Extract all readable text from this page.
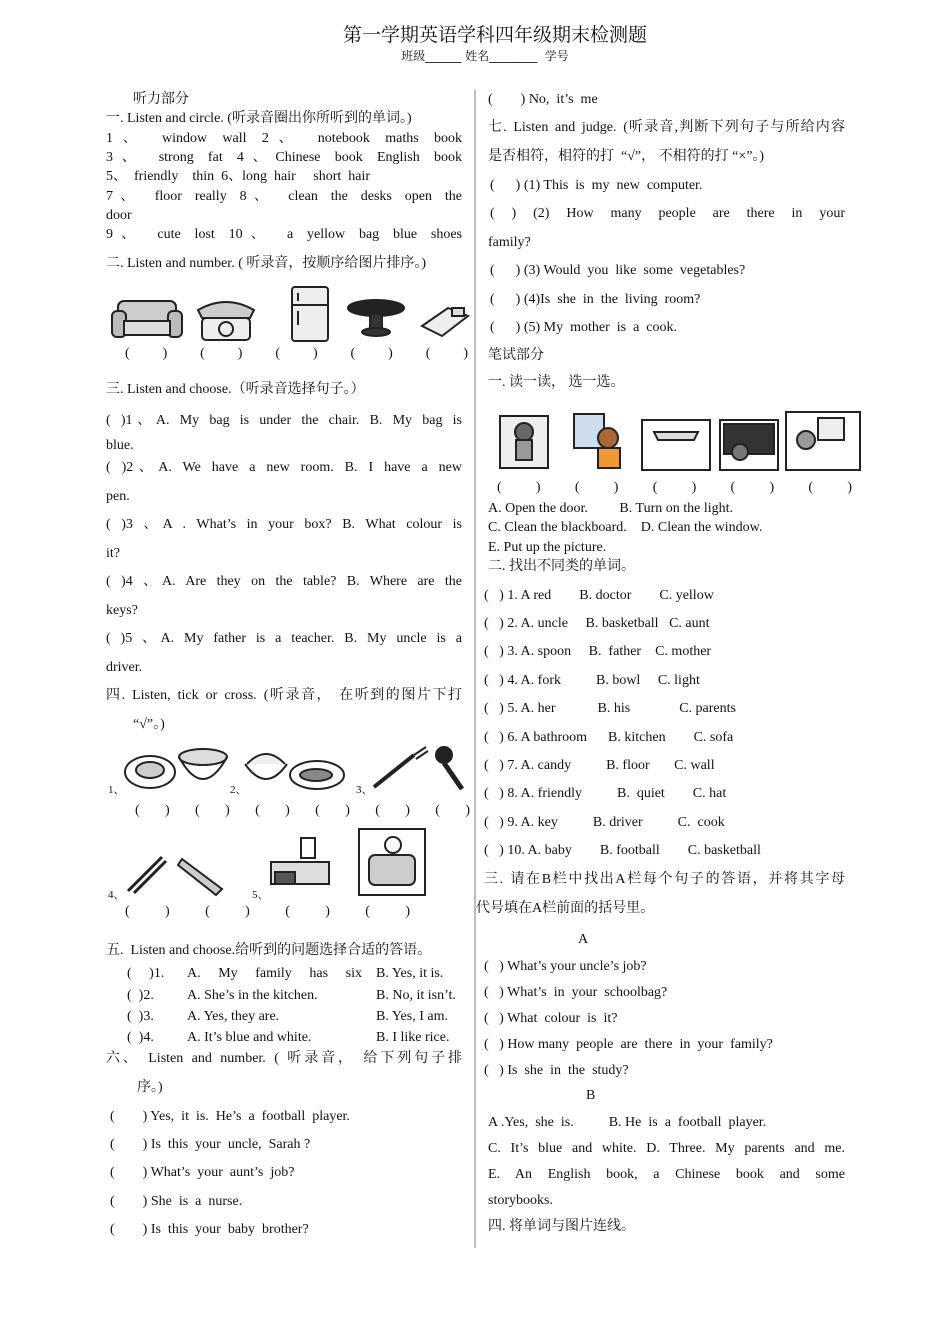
第一学期英语学科四年级期末检测题
班级______ 姓名________  学号
听力部分
一. Listen and circle. (听录音圈出你所听到的单词。)
1、 window wall 2、 notebook maths book
3、 strong fat 4、Chinese book English book
5、  friendly    thin  6、long  hair     short  hair
7、 floor really 8、 clean the desks open the
door
9、 cute lost 10、 a yellow bag blue shoes
二. Listen and number. ( 听录音，按顺序给图片排序。)
( ) ( ) ( ) ( ) ( )
三. Listen and choose.（听录音选择句子。）
( )1、A. My bag is under the chair. B. My bag is
blue.
( )2、A. We have a new room. B. I have a new
pen.
( )3 、A . What’s in your box? B. What colour is
it?
( )4 、A. Are they on the table? B. Where are the
keys?
( )5 、A. My father is a teacher. B. My uncle is a
driver.
四. Listen, tick or cross. (听录音， 在听到的图片下打
“√”。)
( ) ( ) ( ) ( ) ( ) ( )
( ) ( ) ( ) ( )
五.  Listen and choose.给听到的问题选择合适的答语。
六、 Listen and number. ( 听录音， 给下列句子排
序。)
(        ) Yes,  it  is.  He’s  a  football  player.
(        ) Is  this  your  uncle,  Sarah ?
(        ) What’s  your  aunt’s  job?
(        ) She  is  a  nurse.
(        ) Is  this  your  baby  brother?
(     )1. A. My family has six B. Yes, it is.
(  )2. A. She’s in the kitchen.	B. No, it isn’t.
(  )3. A. Yes, they are.	B. Yes, I am.
(  )4. A. It’s blue and white.	B. I like rice.
(        ) No,  it’s  me
七. Listen and judge. (听录音,判断下列句子与所给内容
是否相符，相符的打  “√”， 不相符的打 “×”。)
(      ) (1) This  is  my  new  computer.
( ) (2) How many people are there in your
family?
(      ) (3) Would  you  like  some  vegetables?
(      ) (4)Is  she  in  the  living  room?
(      ) (5) My  mother  is  a  cook.
笔试部分
一. 读一读， 选一选。
( ) ( ) ( ) ( ) ( )
A. Open the door.         B. Turn on the light.
C. Clean the blackboard.    D. Clean the window.
E. Put up the picture.
二. 找出不同类的单词。
三. 请在B栏中找出A栏每个句子的答语，并将其字母
代号填在A栏前面的括号里。
A
(   ) What’s your uncle’s job?
(   ) What’s  in  your  schoolbag?
(   ) What  colour  is  it?
(   ) How many  people  are  there  in  your  family?
(   ) Is  she  in  the  study?
B
A .Yes,  she  is.          B. He  is  a  football  player.
C. It’s blue and white. D. Three. My parents and me.
E. An English book, a Chinese book and some
storybooks.
四. 将单词与图片连线。
(   ) 1. A red        B. doctor        C. yellow
(   ) 2. A. uncle     B. basketball   C. aunt
(   ) 3. A. spoon     B.  father    C. mother
(   ) 4. A. fork          B. bowl     C. light
(   ) 5. A. her            B. his              C. parents
(   ) 6. A bathroom      B. kitchen        C. sofa
(   ) 7. A. candy          B. floor       C. wall
(   ) 8. A. friendly          B.  quiet        C. hat
(   ) 9. A. key          B. driver          C.  cook
(   ) 10. A. baby        B. football        C. basketball
1、	2、	3、
4、	5、
